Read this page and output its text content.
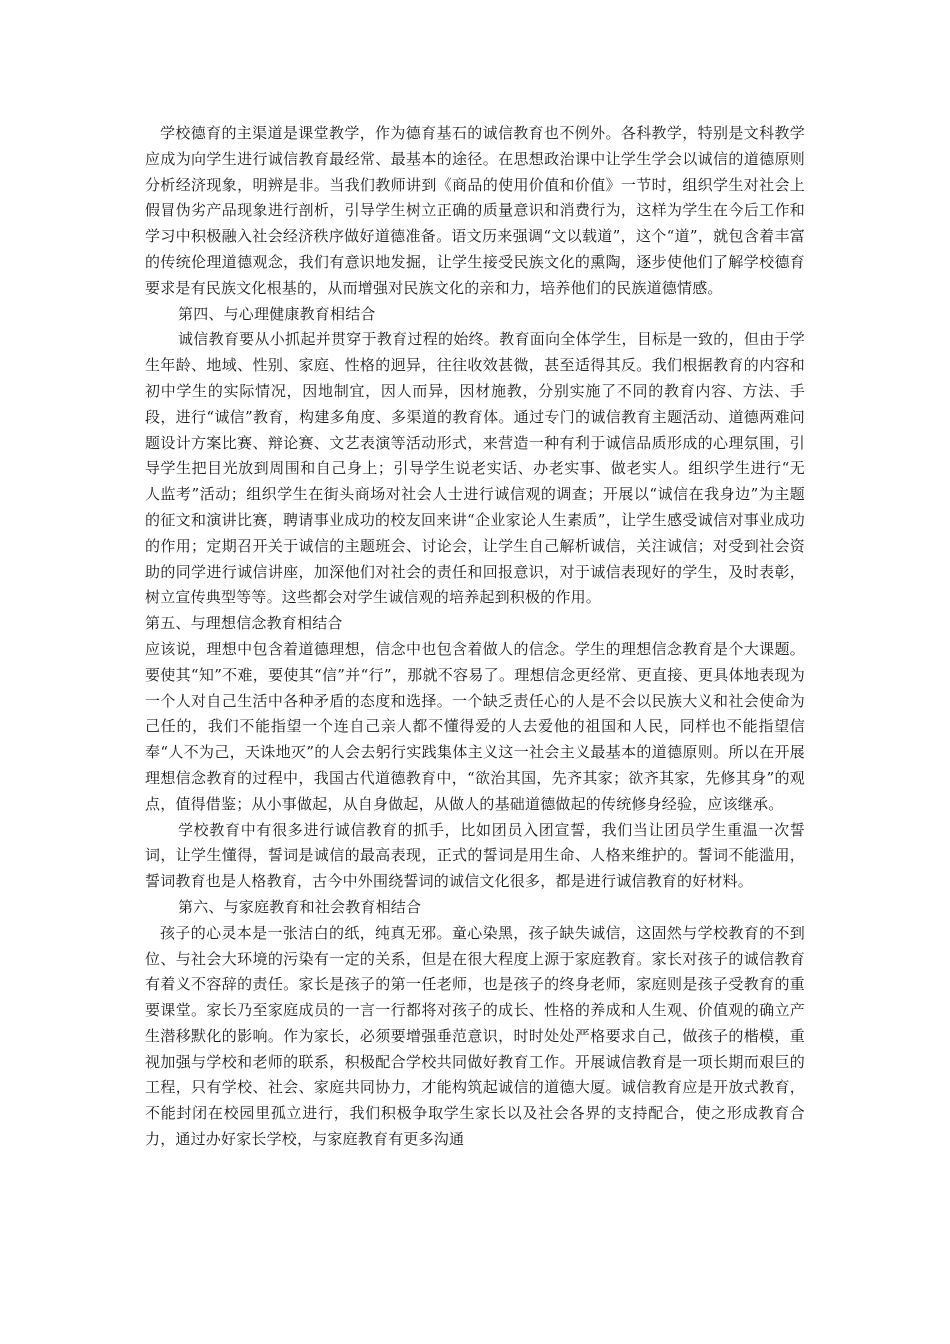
学校德育的主渠道是课堂教学，作为德育基石的诚信教育也不例外。各科教学，特别是文科教学应成为向学生进行诚信教育最经常、最基本的途径。在思想政治课中让学生学会以诚信的道德原则分析经济现象，明辨是非。当我们教师讲到《商品的使用价值和价值》一节时，组织学生对社会上假冒伪劣产品现象进行剖析，引导学生树立正确的质量意识和消费行为，这样为学生在今后工作和学习中积极融入社会经济秩序做好道德准备。语文历来强调“文以载道”，这个“道”，就包含着丰富的传统伦理道德观念，我们有意识地发掘，让学生接受民族文化的熏陶，逐步使他们了解学校德育要求是有民族文化根基的，从而增强对民族文化的亲和力，培养他们的民族道德情感。

第四、与心理健康教育相结合

诚信教育要从小抓起并贯穿于教育过程的始终。教育面向全体学生，目标是一致的，但由于学生年龄、地域、性别、家庭、性格的迥异，往往收效甚微，甚至适得其反。我们根据教育的内容和初中学生的实际情况，因地制宜，因人而异，因材施教，分别实施了不同的教育内容、方法、手段，进行“诚信”教育，构建多角度、多渠道的教育体。通过专门的诚信教育主题活动、道德两难问题设计方案比赛、辩论赛、文艺表演等活动形式，来营造一种有利于诚信品质形成的心理氛围，引导学生把目光放到周围和自己身上；引导学生说老实话、办老实事、做老实人。组织学生进行“无人监考”活动；组织学生在街头商场对社会人士进行诚信观的调查；开展以“诚信在我身边”为主题的征文和演讲比赛，聘请事业成功的校友回来讲“企业家论人生素质”，让学生感受诚信对事业成功的作用；定期召开关于诚信的主题班会、讨论会，让学生自己解析诚信，关注诚信；对受到社会资助的同学进行诚信讲座，加深他们对社会的责任和回报意识，对于诚信表现好的学生，及时表彰，树立宣传典型等等。这些都会对学生诚信观的培养起到积极的作用。

第五、与理想信念教育相结合

应该说，理想中包含着道德理想，信念中也包含着做人的信念。学生的理想信念教育是个大课题。要使其“知”不难，要使其“信”并“行”，那就不容易了。理想信念更经常、更直接、更具体地表现为一个人对自己生活中各种矛盾的态度和选择。一个缺乏责任心的人是不会以民族大义和社会使命为己任的，我们不能指望一个连自己亲人都不懂得爱的人去爱他的祖国和人民，同样也不能指望信奉“人不为己，天诛地灭”的人会去躬行实践集体主义这一社会主义最基本的道德原则。所以在开展理想信念教育的过程中，我国古代道德教育中，“欲治其国，先齐其家；欲齐其家，先修其身”的观点，值得借鉴；从小事做起，从自身做起，从做人的基础道德做起的传统修身经验，应该继承。

学校教育中有很多进行诚信教育的抓手，比如团员入团宣誓，我们当让团员学生重温一次誓词，让学生懂得，誓词是诚信的最高表现，正式的誓词是用生命、人格来维护的。誓词不能滥用，誓词教育也是人格教育，古今中外围绕誓词的诚信文化很多，都是进行诚信教育的好材料。

第六、与家庭教育和社会教育相结合

孩子的心灵本是一张洁白的纸，纯真无邪。童心染黑，孩子缺失诚信，这固然与学校教育的不到位、与社会大环境的污染有一定的关系，但是在很大程度上源于家庭教育。家长对孩子的诚信教育有着义不容辞的责任。家长是孩子的第一任老师，也是孩子的终身老师，家庭则是孩子受教育的重要课堂。家长乃至家庭成员的一言一行都将对孩子的成长、性格的养成和人生观、价值观的确立产生潜移默化的影响。作为家长，必须要增强垂范意识，时时处处严格要求自己，做孩子的楷模，重视加强与学校和老师的联系，积极配合学校共同做好教育工作。开展诚信教育是一项长期而艰巨的工程，只有学校、社会、家庭共同协力，才能构筑起诚信的道德大厦。诚信教育应是开放式教育，不能封闭在校园里孤立进行，我们积极争取学生家长以及社会各界的支持配合，使之形成教育合力，通过办好家长学校，与家庭教育有更多沟通
